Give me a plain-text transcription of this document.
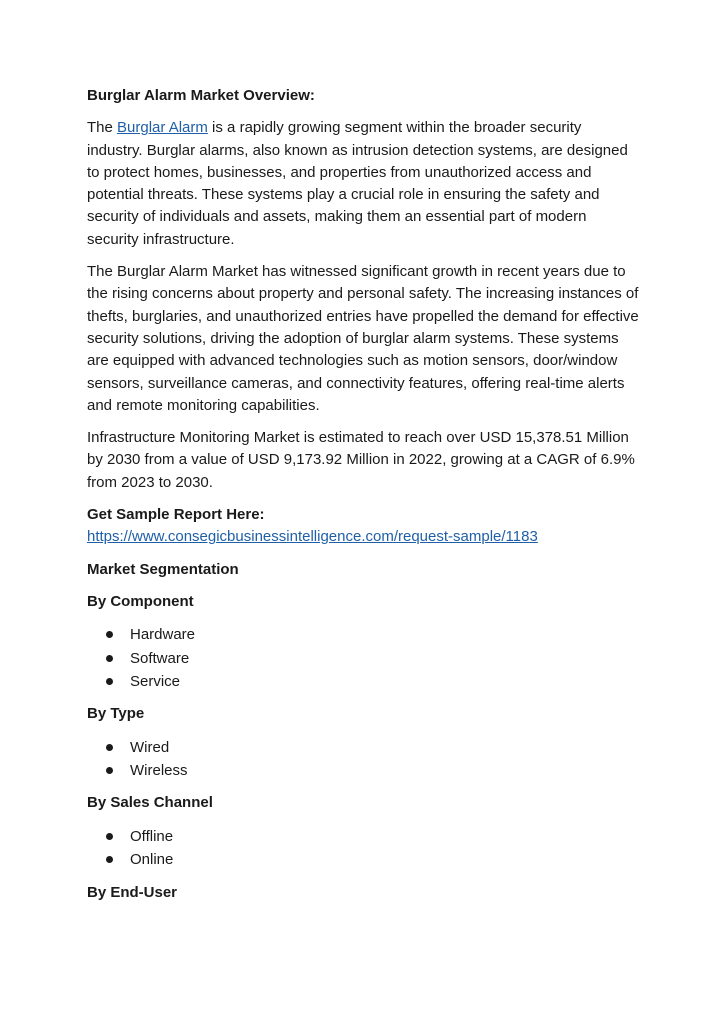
Burglar Alarm Market Overview:

The Burglar Alarm is a rapidly growing segment within the broader security industry. Burglar alarms, also known as intrusion detection systems, are designed to protect homes, businesses, and properties from unauthorized access and potential threats. These systems play a crucial role in ensuring the safety and security of individuals and assets, making them an essential part of modern security infrastructure.

The Burglar Alarm Market has witnessed significant growth in recent years due to the rising concerns about property and personal safety. The increasing instances of thefts, burglaries, and unauthorized entries have propelled the demand for effective security solutions, driving the adoption of burglar alarm systems. These systems are equipped with advanced technologies such as motion sensors, door/window sensors, surveillance cameras, and connectivity features, offering real-time alerts and remote monitoring capabilities.

Infrastructure Monitoring Market is estimated to reach over USD 15,378.51 Million by 2030 from a value of USD 9,173.92 Million in 2022, growing at a CAGR of 6.9% from 2023 to 2030.

Get Sample Report Here:
https://www.consegicbusinessintelligence.com/request-sample/1183
Market Segmentation
By Component
Hardware
Software
Service
By Type
Wired
Wireless
By Sales Channel
Offline
Online
By End-User
